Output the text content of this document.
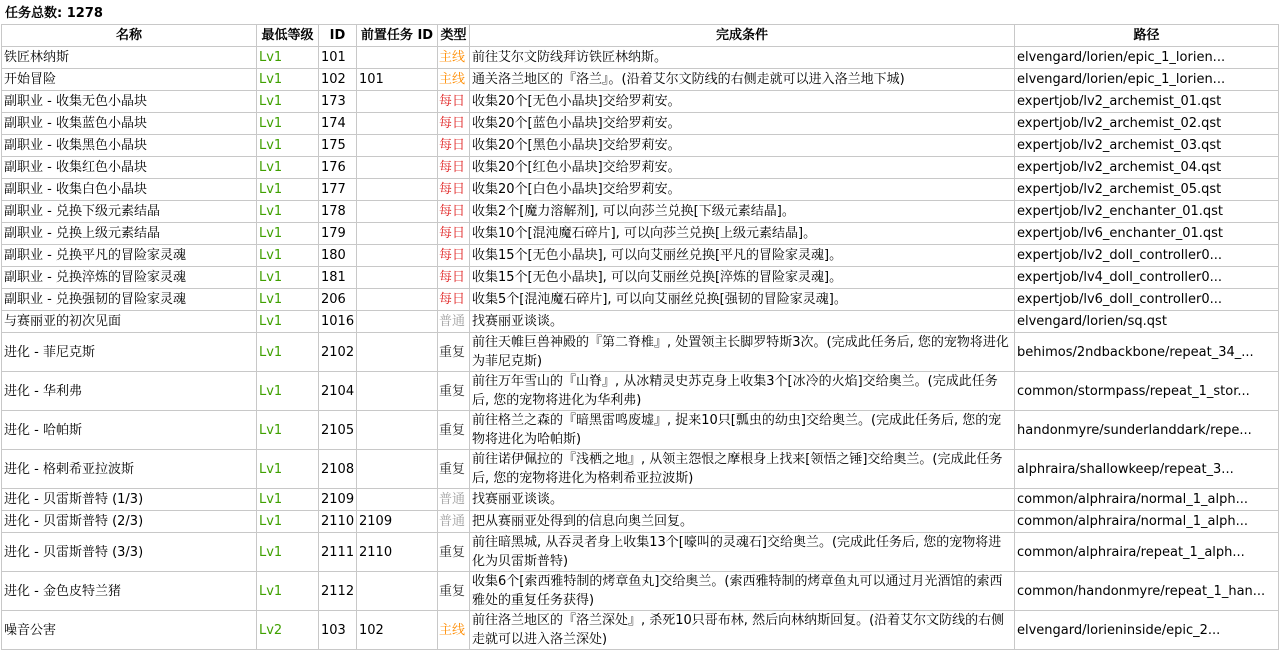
任务总数: 1278
名称	最低等级	ID	前置任务 ID	类型	完成条件	路径
铁匠林纳斯	Lv1	101		主线	前往艾尔文防线拜访铁匠林纳斯。	elvengard/lorien/epic_1_lorien...
开始冒险	Lv1	102	101	主线	通关洛兰地区的『洛兰』。(沿着艾尔文防线的右侧走就可以进入洛兰地下城)	elvengard/lorien/epic_1_lorien...
副职业 - 收集无色小晶块	Lv1	173		每日	收集20个[无色小晶块]交给罗莉安。	expertjob/lv2_archemist_01.qst
副职业 - 收集蓝色小晶块	Lv1	174		每日	收集20个[蓝色小晶块]交给罗莉安。	expertjob/lv2_archemist_02.qst
副职业 - 收集黑色小晶块	Lv1	175		每日	收集20个[黑色小晶块]交给罗莉安。	expertjob/lv2_archemist_03.qst
副职业 - 收集红色小晶块	Lv1	176		每日	收集20个[红色小晶块]交给罗莉安。	expertjob/lv2_archemist_04.qst
副职业 - 收集白色小晶块	Lv1	177		每日	收集20个[白色小晶块]交给罗莉安。	expertjob/lv2_archemist_05.qst
副职业 - 兑换下级元素结晶	Lv1	178		每日	收集2个[魔力溶解剂], 可以向莎兰兑换[下级元素结晶]。	expertjob/lv2_enchanter_01.qst
副职业 - 兑换上级元素结晶	Lv1	179		每日	收集10个[混沌魔石碎片], 可以向莎兰兑换[上级元素结晶]。	expertjob/lv6_enchanter_01.qst
副职业 - 兑换平凡的冒险家灵魂	Lv1	180		每日	收集15个[无色小晶块], 可以向艾丽丝兑换[平凡的冒险家灵魂]。	expertjob/lv2_doll_controller0...
副职业 - 兑换淬炼的冒险家灵魂	Lv1	181		每日	收集15个[无色小晶块], 可以向艾丽丝兑换[淬炼的冒险家灵魂]。	expertjob/lv4_doll_controller0...
副职业 - 兑换强韧的冒险家灵魂	Lv1	206		每日	收集5个[混沌魔石碎片], 可以向艾丽丝兑换[强韧的冒险家灵魂]。	expertjob/lv6_doll_controller0...
与赛丽亚的初次见面	Lv1	1016		普通	找赛丽亚谈谈。	elvengard/lorien/sq.qst
进化 - 菲尼克斯	Lv1	2102		重复	前往天帷巨兽神殿的『第二脊椎』, 处置领主长脚罗特斯3次。(完成此任务后, 您的宠物将进化为菲尼克斯)	behimos/2ndbackbone/repeat_34_...
进化 - 华利弗	Lv1	2104		重复	前往万年雪山的『山脊』, 从冰精灵史苏克身上收集3个[冰冷的火焰]交给奥兰。(完成此任务后, 您的宠物将进化为华利弗)	common/stormpass/repeat_1_stor...
进化 - 哈帕斯	Lv1	2105		重复	前往格兰之森的『暗黑雷鸣废墟』, 捉来10只[瓢虫的幼虫]交给奥兰。(完成此任务后, 您的宠物将进化为哈帕斯)	handonmyre/sunderlanddark/repe...
进化 - 格剌希亚拉波斯	Lv1	2108		重复	前往诺伊佩拉的『浅栖之地』, 从领主怨恨之摩根身上找来[领悟之锤]交给奥兰。(完成此任务后, 您的宠物将进化为格剌希亚拉波斯)	alphraira/shallowkeep/repeat_3...
进化 - 贝雷斯普特 (1/3)	Lv1	2109		普通	找赛丽亚谈谈。	common/alphraira/normal_1_alph...
进化 - 贝雷斯普特 (2/3)	Lv1	2110	2109	普通	把从赛丽亚处得到的信息向奥兰回复。	common/alphraira/normal_1_alph...
进化 - 贝雷斯普特 (3/3)	Lv1	2111	2110	重复	前往暗黑城, 从吞灵者身上收集13个[嚎叫的灵魂石]交给奥兰。(完成此任务后, 您的宠物将进化为贝雷斯普特)	common/alphraira/repeat_1_alph...
进化 - 金色皮特兰猪	Lv1	2112		重复	收集6个[索西雅特制的烤章鱼丸]交给奥兰。(索西雅特制的烤章鱼丸可以通过月光酒馆的索西雅处的重复任务获得)	common/handonmyre/repeat_1_han...
噪音公害	Lv2	103	102	主线	前往洛兰地区的『洛兰深处』, 杀死10只哥布林, 然后向林纳斯回复。(沿着艾尔文防线的右侧走就可以进入洛兰深处)	elvengard/lorieninside/epic_2...
